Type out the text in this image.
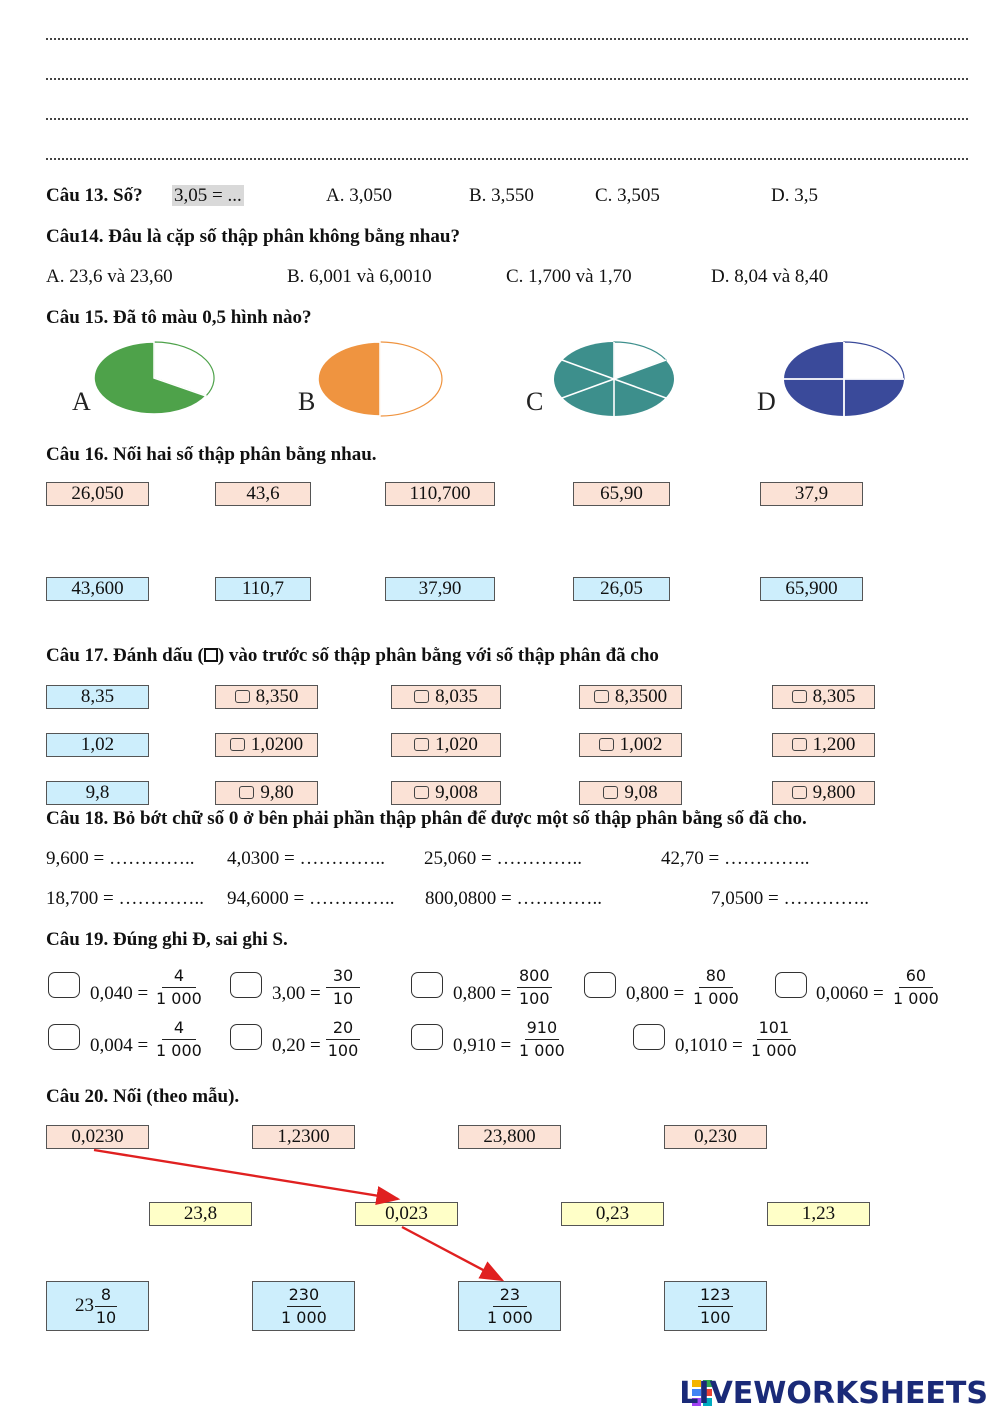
Câu 13. Số? 3,05 = ...	A. 3,050	B. 3,550	C. 3,505	D. 3,5
Câu14. Đâu là cặp số thập phân không bằng nhau?
A. 23,6 và 23,60	B. 6,001 và 6,0010	C. 1,700 và 1,70	D. 8,04 và 8,40
Câu 15. Đã tô màu 0,5 hình nào?
A	B	C	D
Câu 16. Nối hai số thập phân bằng nhau.
26,050	43,6	110,700	65,90	37,9
43,600	110,7	37,90	26,05	65,900
Câu 17. Đánh dấu ( ) vào trước số thập phân bằng với số thập phân đã cho
8,35	8,350	8,035	8,3500	8,305
1,02	1,0200	1,020	1,002	1,200
9,8	9,80	9,008	9,08	9,800
Câu 18. Bỏ bớt chữ số 0 ở bên phải phần thập phân để được một số thập phân bằng số đã cho.
9,600 = ………….. 4,0300 = ………….. 25,060 = …………..	42,70 = …………..
18,700 = ………….. 94,6000 = ………….. 800,0800 = …………..	7,0500 = …………..
Câu 19. Đúng ghi Đ, sai ghi S.
$0,040 = \frac{4}{1 000}$	$3,00 = \frac{30}{10}$	$0,800 = \frac{800}{100}$	$0,800 = \frac{80}{1 000}$	$0,0060 = \frac{60}{1 000}$
$0,004 = \frac{4}{1 000}$	$0,20 = \frac{20}{100}$	$0,910 = \frac{910}{1 000}$	$0,1010 = \frac{101}{1 000}$
Câu 20. Nối (theo mẫu).
0,0230	1,2300	23,800	0,230
23,8	0,023	0,23	1,23
$23 \frac{8}{10}$	$\frac{230}{1 000}$	$\frac{23}{1 000}$	$\frac{123}{100}$
LIVEWORKSHEETS
